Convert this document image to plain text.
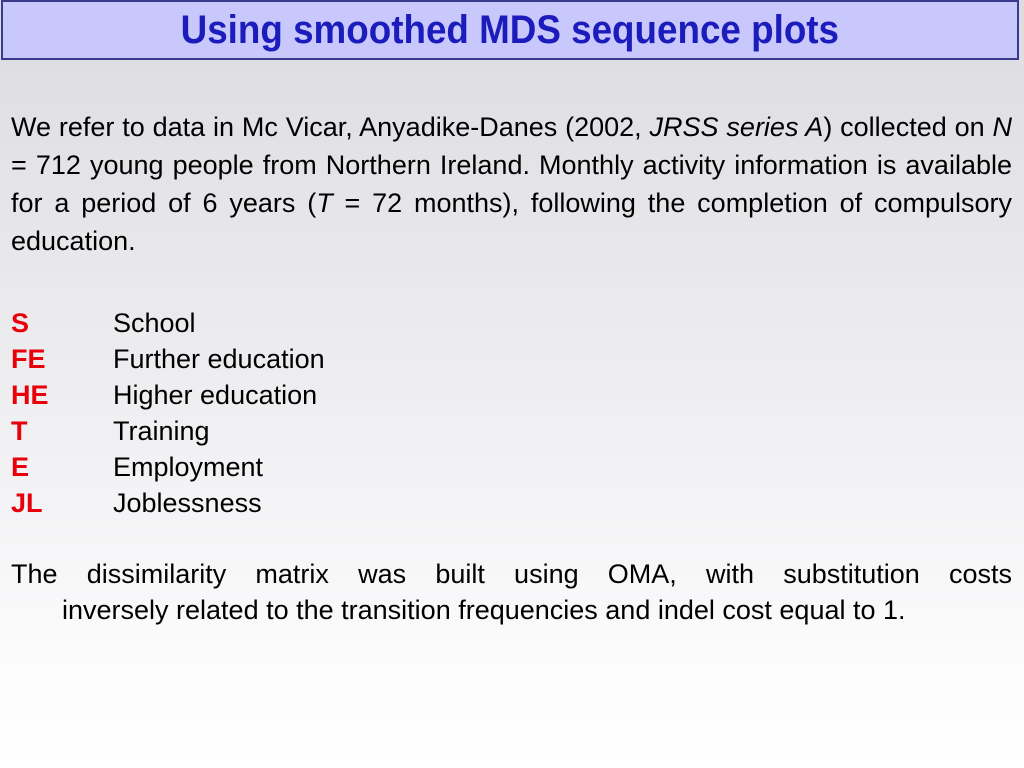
Using smoothed MDS sequence plots
We refer to data in Mc Vicar, Anyadike-Danes (2002, JRSS series A) collected on N = 712 young people from Northern Ireland. Monthly activity information is available for a period of 6 years (T = 72 months), following the completion of compulsory education.
S	School
FE	Further education
HE	Higher education
T	Training
E	Employment
JL	Joblessness
The dissimilarity matrix was built using OMA, with substitution costs
inversely related to the transition frequencies and indel cost equal to 1.
